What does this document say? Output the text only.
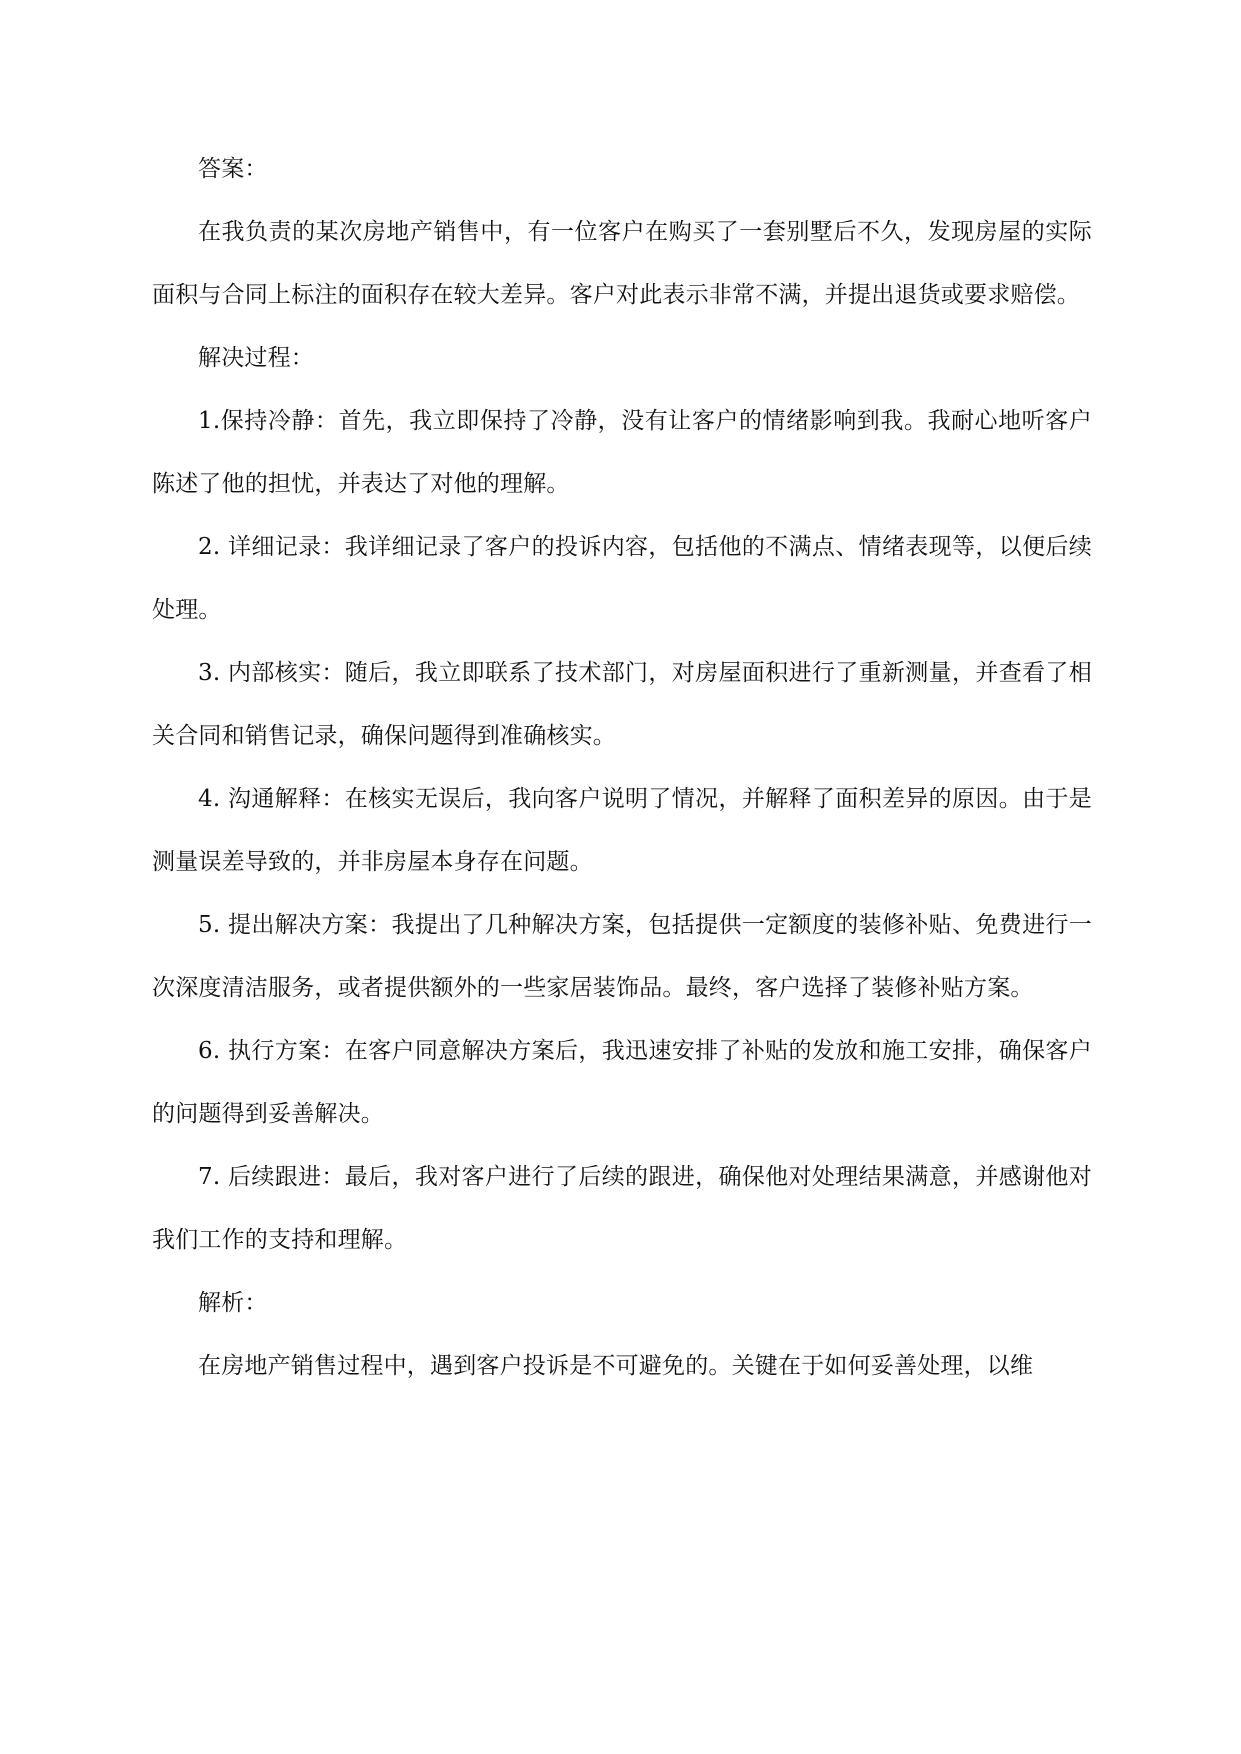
答案：

在我负责的某次房地产销售中，有一位客户在购买了一套别墅后不久，发现房屋的实际面积与合同上标注的面积存在较大差异。客户对此表示非常不满，并提出退货或要求赔偿。

解决过程：

1.保持冷静：首先，我立即保持了冷静，没有让客户的情绪影响到我。我耐心地听客户陈述了他的担忧，并表达了对他的理解。

2. 详细记录：我详细记录了客户的投诉内容，包括他的不满点、情绪表现等，以便后续处理。

3. 内部核实：随后，我立即联系了技术部门，对房屋面积进行了重新测量，并查看了相关合同和销售记录，确保问题得到准确核实。

4. 沟通解释：在核实无误后，我向客户说明了情况，并解释了面积差异的原因。由于是测量误差导致的，并非房屋本身存在问题。

5. 提出解决方案：我提出了几种解决方案，包括提供一定额度的装修补贴、免费进行一次深度清洁服务，或者提供额外的一些家居装饰品。最终，客户选择了装修补贴方案。

6. 执行方案：在客户同意解决方案后，我迅速安排了补贴的发放和施工安排，确保客户的问题得到妥善解决。

7. 后续跟进：最后，我对客户进行了后续的跟进，确保他对处理结果满意，并感谢他对我们工作的支持和理解。

解析：

在房地产销售过程中，遇到客户投诉是不可避免的。关键在于如何妥善处理，以维
